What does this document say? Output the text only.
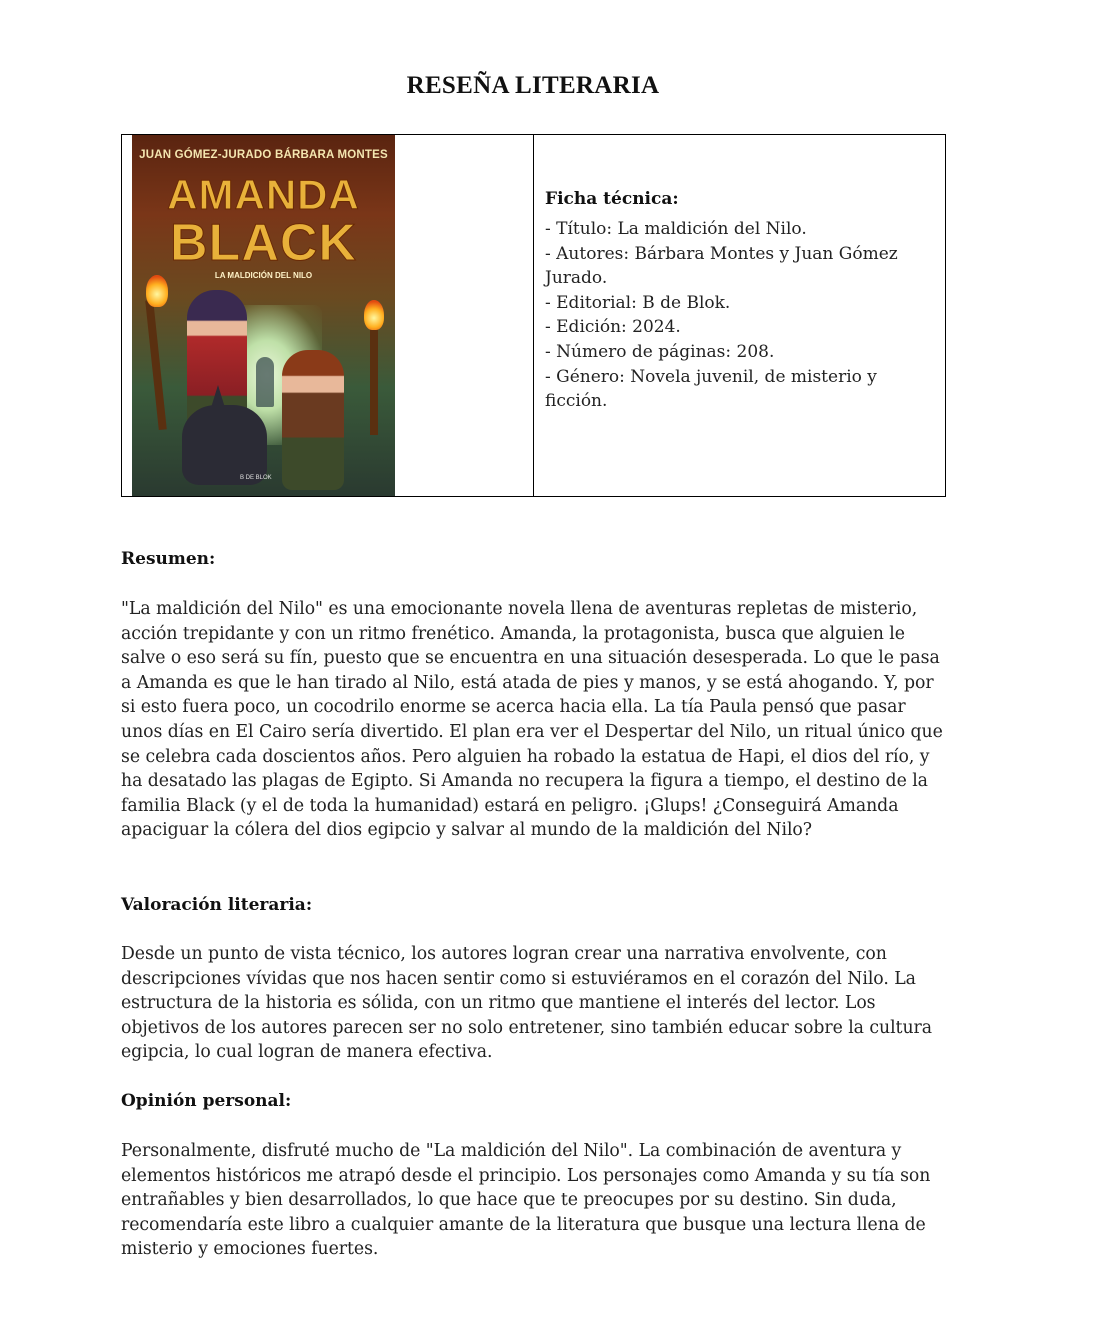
RESEÑA LITERARIA
JUAN GÓMEZ-JURADO BÁRBARA MONTES
AMANDA
BLACK
LA MALDICIÓN DEL NILO
B DE BLOK
Ficha técnica:
- Título: La maldición del Nilo.
- Autores: Bárbara Montes y Juan Gómez Jurado.
- Editorial: B de Blok.
- Edición: 2024.
- Número de páginas: 208.
- Género: Novela juvenil, de misterio y ficción.
Resumen:

"La maldición del Nilo" es una emocionante novela llena de aventuras repletas de misterio, acción trepidante y con un ritmo frenético. Amanda, la protagonista, busca que alguien le salve o eso será su fín, puesto que se encuentra en una situación desesperada. Lo que le pasa a Amanda es que le han tirado al Nilo, está atada de pies y manos, y se está ahogando. Y, por si esto fuera poco, un cocodrilo enorme se acerca hacia ella. La tía Paula pensó que pasar unos días en El Cairo sería divertido. El plan era ver el Despertar del Nilo, un ritual único que se celebra cada doscientos años. Pero alguien ha robado la estatua de Hapi, el dios del río, y ha desatado las plagas de Egipto. Si Amanda no recupera la figura a tiempo, el destino de la familia Black (y el de toda la humanidad) estará en peligro. ¡Glups! ¿Conseguirá Amanda apaciguar la cólera del dios egipcio y salvar al mundo de la maldición del Nilo?

Valoración literaria:

Desde un punto de vista técnico, los autores logran crear una narrativa envolvente, con descripciones vívidas que nos hacen sentir como si estuviéramos en el corazón del Nilo. La estructura de la historia es sólida, con un ritmo que mantiene el interés del lector. Los objetivos de los autores parecen ser no solo entretener, sino también educar sobre la cultura egipcia, lo cual logran de manera efectiva.

Opinión personal:

Personalmente, disfruté mucho de "La maldición del Nilo". La combinación de aventura y elementos históricos me atrapó desde el principio. Los personajes como Amanda y su tía son entrañables y bien desarrollados, lo que hace que te preocupes por su destino. Sin duda, recomendaría este libro a cualquier amante de la literatura que busque una lectura llena de misterio y emociones fuertes.
